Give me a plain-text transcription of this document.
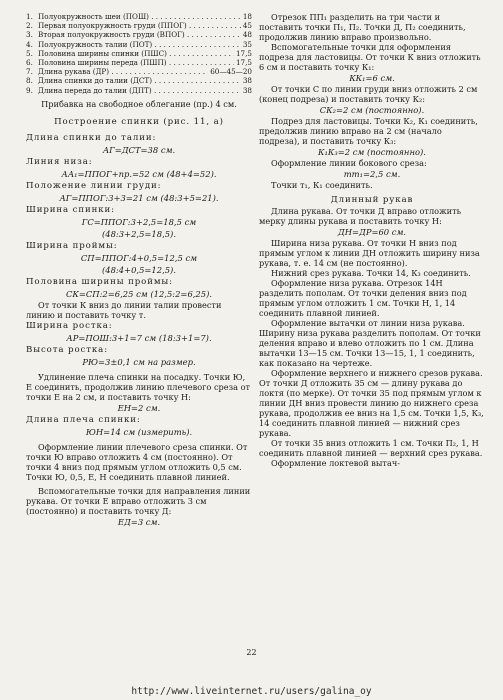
1. Полуокружность шеи (ПОШ) . . .	18
2. Первая полуокружность груди (ППОГ) . . .	45
3. Вторая полуокружность груди (ВПОГ) . . .	48
4. Полуокружность талии (ПОТ) . . .	35
5. Половина ширины спинки (ПШС) . . .	17,5
6. Половина ширины переда (ПШП) . . .	17,5
7. Длина рукава (ДР) . . .	60—45—20
8. Длина спинки до талии (ДСТ) . . .	38
9. Длина переда до талии (ДПТ) . . .	38

Прибавка на свободное облегание (пр.) 4 см.

Построение спинки (рис. 11, а)

Длина спинки до талии:

АГ=ДСТ=38 см.

Линия низа:

АА₁=ППОГ+пр.=52 см (48+4=52).

Положение линии груди:

АГ=ППОГ:3+3=21 см (48:3+5=21).

Ширина спинки:

ГС=ППОГ:3+2,5=18,5 см

(48:3+2,5=18,5).

Ширина проймы:

СП=ППОГ:4+0,5=12,5 см

(48:4+0,5=12,5).

Половина ширины проймы:

СК=СП:2=6,25 см (12,5:2=6,25).

От точки К вниз до линии талии провести линию и поставить точку т.

Ширина ростка:

АР=ПОШ:3+1=7 см (18:3+1=7).

Высота ростка:

РЮ=3±0,1 см на размер.

Удлинение плеча спинки на посадку. Точки Ю, Е соединить, продолжив линию плечевого среза от точки Е на 2 см, и поставить точку Н:

ЕН=2 см.

Длина плеча спинки:

ЮН=14 см (измерить).

Оформление линии плечевого среза спинки. От точки Ю вправо отложить 4 см (постоянно). От точки 4 вниз под прямым углом отложить 0,5 см. Точки Ю, 0,5, Е, Н соединить плавной линией.

Вспомогательные точки для направления линии рукава. От точки Е вправо отложить 3 см (постоянно) и поставить точку Д:

ЕД=3 см.

Отрезок ПП₁ разделить на три части и поставить точки П₁, П₂. Точки Д, П₂ соединить, продолжив линию вправо произвольно.

Вспомогательные точки для оформления подреза для ластовицы. От точки К вниз отложить 6 см и поставить точку К₁:

КК₁=6 см.

От точки С по линии груди вниз отложить 2 см (конец подреза) и поставить точку К₂:

СК₂=2 см (постоянно).

Подрез для ластовицы. Точки К₂, К₁ соединить, предолжив линию вправо на 2 см (начало подреза), и поставить точку К₃:

К₁К₃=2 см (постоянно).

Оформление линии бокового среза:

тт₁=2,5 см.

Точки т₁, К₁ соединить.

Длинный рукав

Длина рукава. От точки Д вправо отложить мерку длины рукава и поставить точку Н:

ДН=ДР=60 см.

Ширина низа рукава. От точки Н вниз под прямым углом к линии ДН отложить ширину низа рукава, т. е. 14 см (не постоянно).

Нижний срез рукава. Точки 14, К₃ соединить.

Оформление низа рукава. Отрезок 14Н разделить пополам. От точки деления вниз под прямым углом отложить 1 см. Точки Н, 1, 14 соединить плавной линией.

Оформление вытачки от линии низа рукава. Ширину низа рукава разделить пополам. От точки деления вправо и влево отложить по 1 см. Длина вытачки 13—15 см. Точки 13—15, 1, 1 соединить, как показано на чертеже.

Оформление верхнего и нижнего срезов рукава. От точки Д отложить 35 см — длину рукава до локтя (по мерке). От точки 35 под прямым углом к линии ДН вниз провести линию до нижнего среза рукава, продолжив ее вниз на 1,5 см. Точки 1,5, К₃, 14 соединить плавной линией — нижний срез рукава.

От точки 35 вниз отложить 1 см. Точки П₂, 1, Н соединить плавной линией — верхний срез рукава.

Оформление локтевой вытач-

22
http://www.liveinternet.ru/users/galina_oy
